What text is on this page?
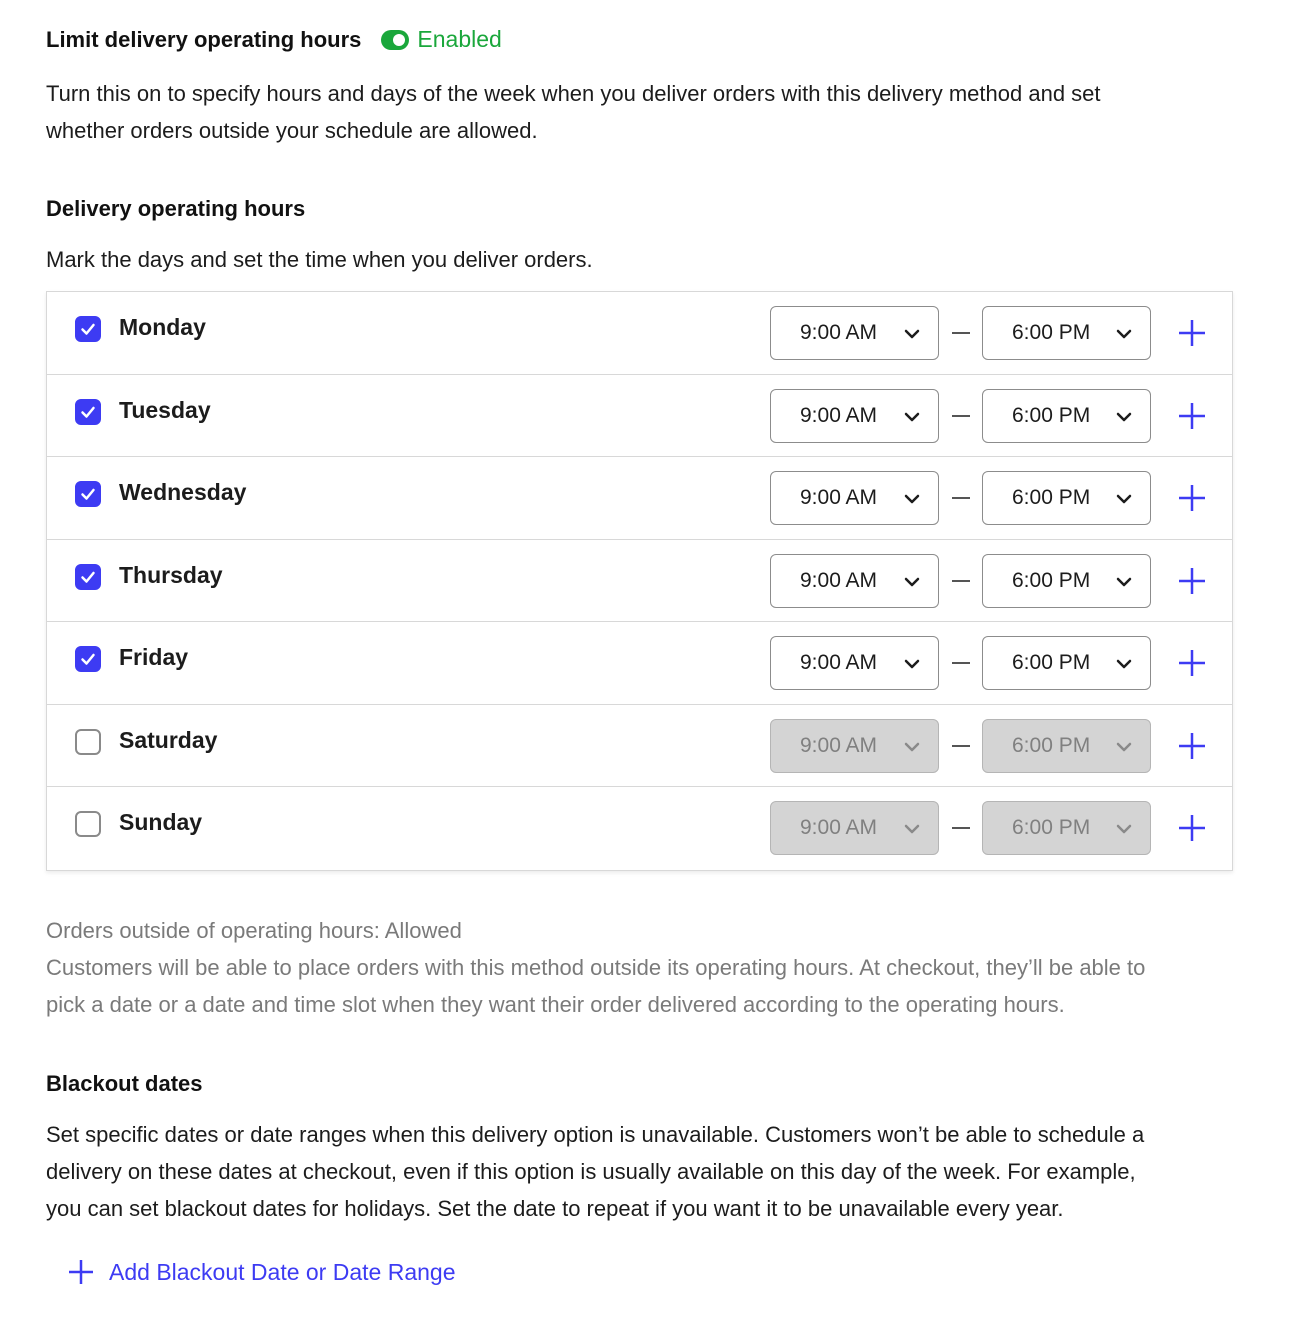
Limit delivery operating hours Enabled
Turn this on to specify hours and days of the week when you deliver orders with this delivery method and set
whether orders outside your schedule are allowed.
Delivery operating hours
Mark the days and set the time when you deliver orders.
Monday	9:00 AM	6:00 PM
Tuesday	9:00 AM	6:00 PM
Wednesday	9:00 AM	6:00 PM
Thursday	9:00 AM	6:00 PM
Friday	9:00 AM	6:00 PM
Saturday	9:00 AM	6:00 PM
Sunday	9:00 AM	6:00 PM
Orders outside of operating hours: Allowed
Customers will be able to place orders with this method outside its operating hours. At checkout, they’ll be able to
pick a date or a date and time slot when they want their order delivered according to the operating hours.
Blackout dates
Set specific dates or date ranges when this delivery option is unavailable. Customers won’t be able to schedule a
delivery on these dates at checkout, even if this option is usually available on this day of the week. For example,
you can set blackout dates for holidays. Set the date to repeat if you want it to be unavailable every year.
Add Blackout Date or Date Range
